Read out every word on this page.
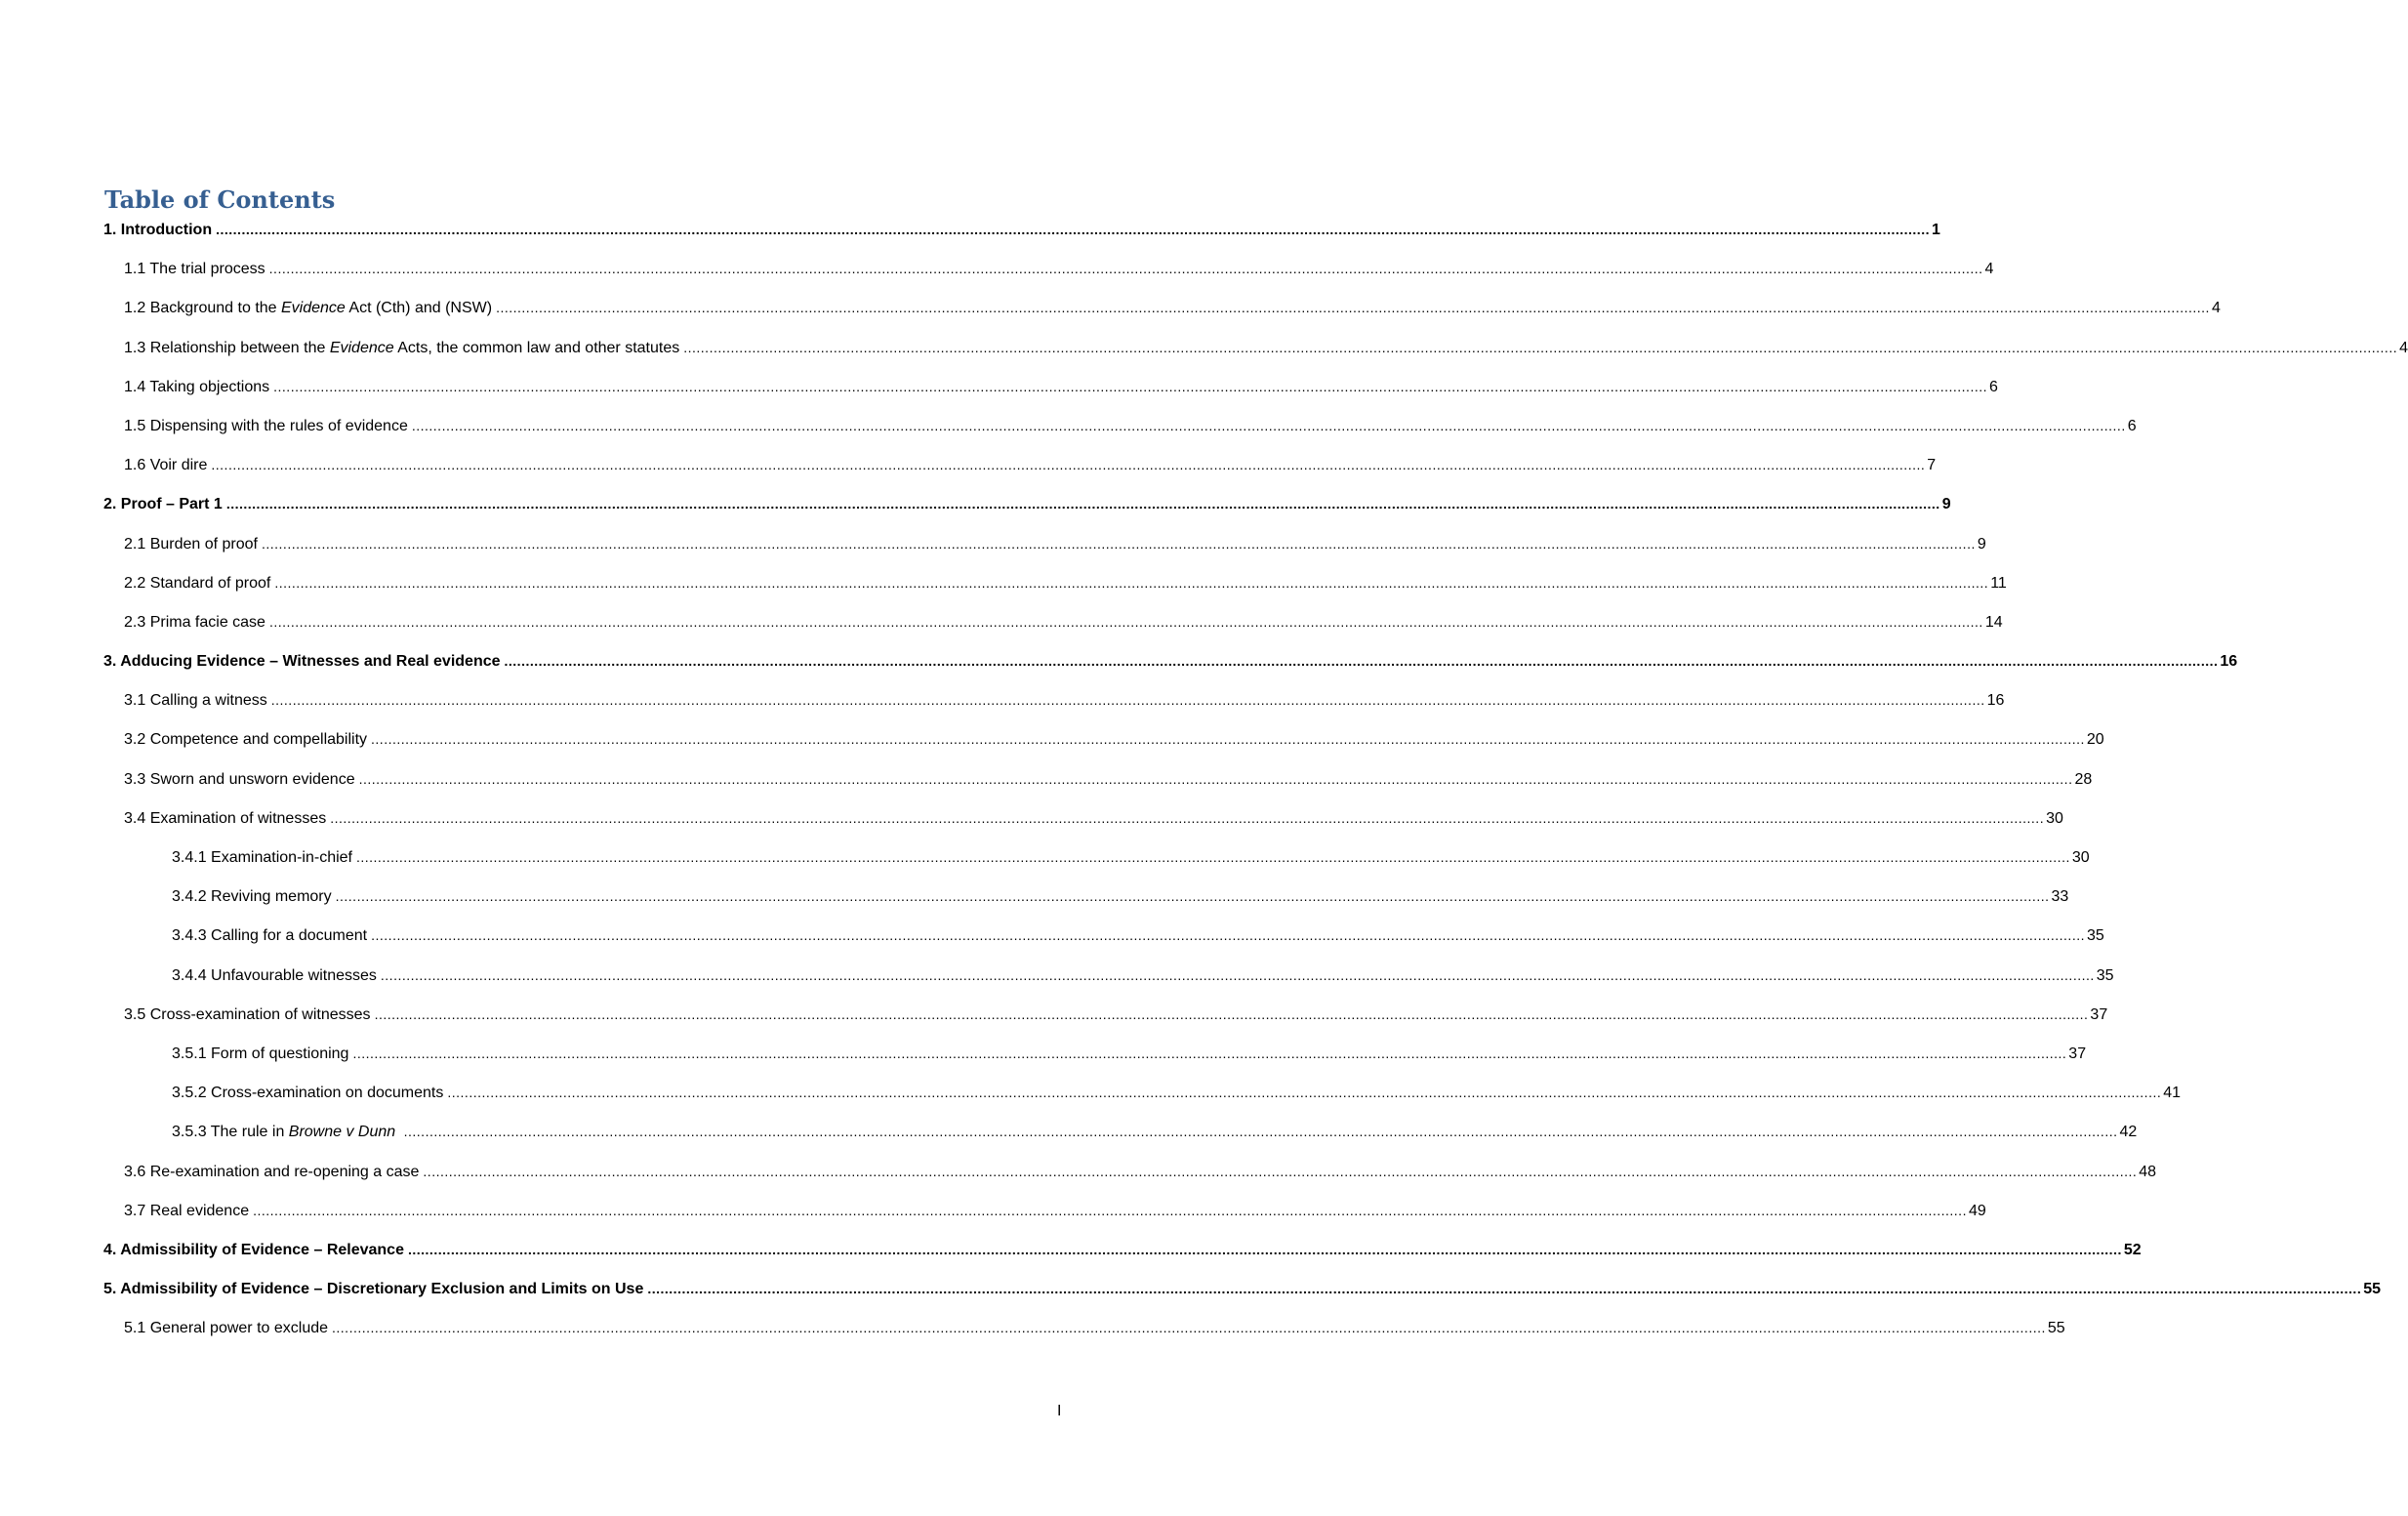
Table of Contents
1. Introduction ................................................................................................................................................................................................................................................................................................................................................................................................................ 1
1.1 The trial process ................................................................................................................................................................................................................................................................................................................................................................................................................ 4
1.2 Background to the Evidence Act (Cth) and (NSW) ................................................................................................................................................................................................................................................................................................................................................................................................................ 4
1.3 Relationship between the Evidence Acts, the common law and other statutes ................................................................................................................................................................................................................................................................................................................................................................................................................ 4
1.4 Taking objections ................................................................................................................................................................................................................................................................................................................................................................................................................ 6
1.5 Dispensing with the rules of evidence ................................................................................................................................................................................................................................................................................................................................................................................................................ 6
1.6 Voir dire ................................................................................................................................................................................................................................................................................................................................................................................................................ 7
2. Proof – Part 1 ................................................................................................................................................................................................................................................................................................................................................................................................................ 9
2.1 Burden of proof ................................................................................................................................................................................................................................................................................................................................................................................................................ 9
2.2 Standard of proof ................................................................................................................................................................................................................................................................................................................................................................................................................ 11
2.3 Prima facie case ................................................................................................................................................................................................................................................................................................................................................................................................................ 14
3. Adducing Evidence – Witnesses and Real evidence ................................................................................................................................................................................................................................................................................................................................................................................................................ 16
3.1 Calling a witness ................................................................................................................................................................................................................................................................................................................................................................................................................ 16
3.2 Competence and compellability ................................................................................................................................................................................................................................................................................................................................................................................................................ 20
3.3 Sworn and unsworn evidence ................................................................................................................................................................................................................................................................................................................................................................................................................ 28
3.4 Examination of witnesses ................................................................................................................................................................................................................................................................................................................................................................................................................ 30
3.4.1 Examination-in-chief ................................................................................................................................................................................................................................................................................................................................................................................................................ 30
3.4.2 Reviving memory ................................................................................................................................................................................................................................................................................................................................................................................................................ 33
3.4.3 Calling for a document ................................................................................................................................................................................................................................................................................................................................................................................................................ 35
3.4.4 Unfavourable witnesses ................................................................................................................................................................................................................................................................................................................................................................................................................ 35
3.5 Cross-examination of witnesses ................................................................................................................................................................................................................................................................................................................................................................................................................ 37
3.5.1 Form of questioning ................................................................................................................................................................................................................................................................................................................................................................................................................ 37
3.5.2 Cross-examination on documents ................................................................................................................................................................................................................................................................................................................................................................................................................ 41
3.5.3 The rule in Browne v Dunn ................................................................................................................................................................................................................................................................................................................................................................................................................ 42
3.6 Re-examination and re-opening a case ................................................................................................................................................................................................................................................................................................................................................................................................................ 48
3.7 Real evidence ................................................................................................................................................................................................................................................................................................................................................................................................................ 49
4. Admissibility of Evidence – Relevance ................................................................................................................................................................................................................................................................................................................................................................................................................ 52
5. Admissibility of Evidence – Discretionary Exclusion and Limits on Use ................................................................................................................................................................................................................................................................................................................................................................................................................ 55
5.1 General power to exclude ................................................................................................................................................................................................................................................................................................................................................................................................................ 55
I
